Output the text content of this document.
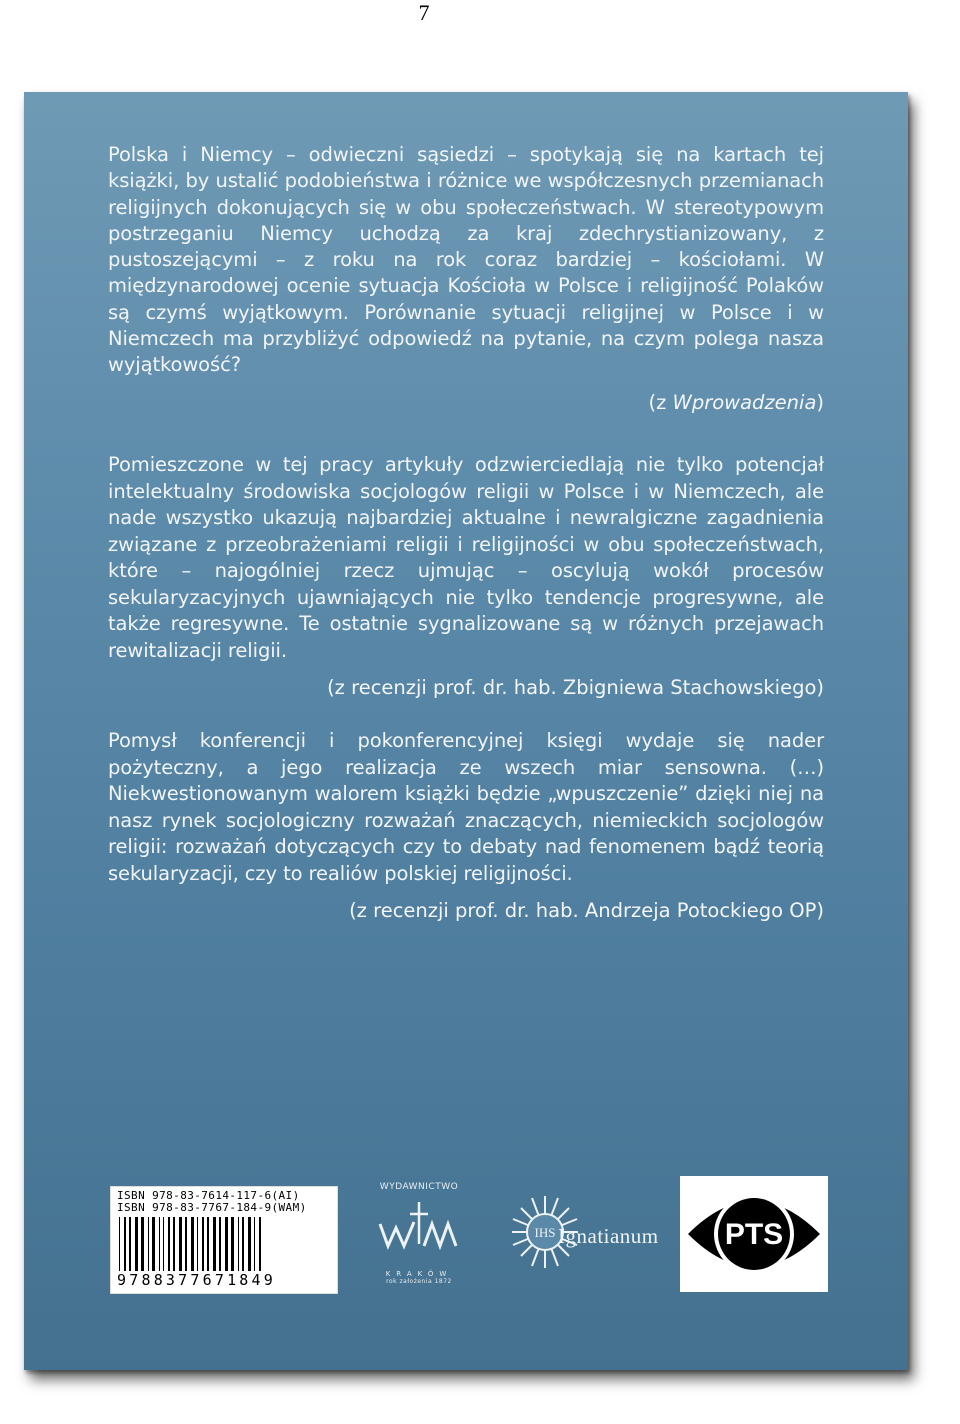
7

Polska i Niemcy – odwieczni sąsiedzi – spotykają się na kartach tej książki, by ustalić podobieństwa i różnice we współczesnych przemianach religijnych dokonujących się w obu społeczeństwach. W stereotypowym postrzeganiu Niemcy uchodzą za kraj zdechrystianizowany, z pustoszejącymi – z roku na rok coraz bardziej – kościołami. W międzynarodowej ocenie sytuacja Kościoła w Polsce i religijność Polaków są czymś wyjątkowym. Porównanie sytuacji religijnej w Polsce i w Niemczech ma przybliżyć odpowiedź na pytanie, na czym polega nasza wyjątkowość?

(z Wprowadzenia)

Pomieszczone w tej pracy artykuły odzwierciedlają nie tylko potencjał intelektualny środowiska socjologów religii w Polsce i w Niemczech, ale nade wszystko ukazują najbardziej aktualne i newralgiczne zagadnienia związane z przeobrażeniami religii i religijności w obu społeczeństwach, które – najogólniej rzecz ujmując – oscylują wokół procesów sekularyzacyjnych ujawniających nie tylko tendencje progresywne, ale także regresywne. Te ostatnie sygnalizowane są w różnych przejawach rewitalizacji religii.

(z recenzji prof. dr. hab. Zbigniewa Stachowskiego)

Pomysł konferencji i pokonferencyjnej księgi wydaje się nader pożyteczny, a jego realizacja ze wszech miar sensowna. (…) Niekwestionowanym walorem książki będzie „wpuszczenie” dzięki niej na nasz rynek socjologiczny rozważań znaczących, niemieckich socjologów religii: rozważań dotyczących czy to debaty nad fenomenem bądź teorią sekularyzacji, czy to realiów polskiej religijności.

(z recenzji prof. dr. hab. Andrzeja Potockiego OP)

ISBN 978-83-7614-117-6(AI)
ISBN 978-83-7767-184-9(WAM)
9788377671849
WYDAWNICTWO
KRAKÓW
rok założenia 1872
IHS Ignatianum PTS
